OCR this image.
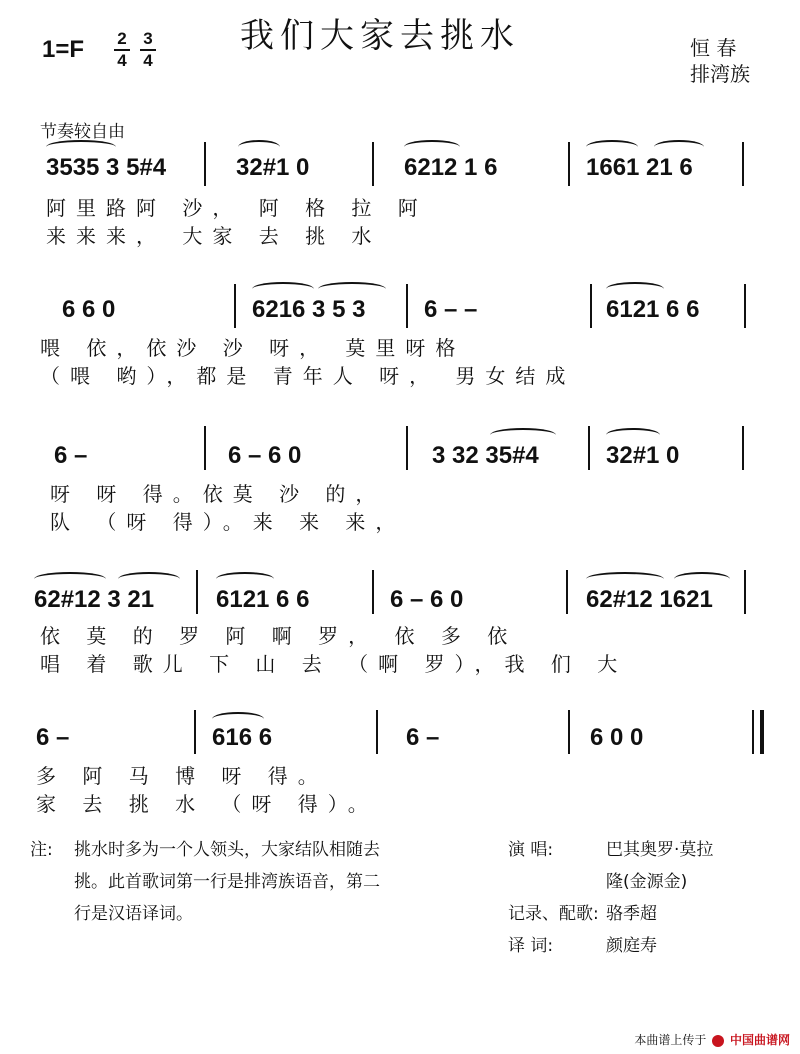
我们大家去挑水
1=F 2
4
3
4
恒 春
排湾族
节奏较自由
3535 3 5#4	32#1 0	6212 1 6	1661 21 6
阿里路阿 沙， 阿 格 拉 阿
来来来， 大家 去 挑 水
6 6 0	6216 3 5 3 6 – –	6121 6 6
喂 依，依沙 沙 呀， 莫里呀格
（喂 哟），都是 青年人 呀， 男女结成
6 –	6 – 6 0	3 32 35#4	32#1 0
呀 呀 得。依莫 沙 的，
队 （呀 得）。来 来 来，
62#12 3 21	6121 6 6	6 – 6 0	62#12 1621
依 莫 的 罗 阿 啊 罗， 依 多 依
唱 着 歌儿 下 山 去 （啊 罗），我 们 大
6 –	616 6	6 –	6 0 0
多 阿 马 博 呀 得。
家 去 挑 水 （呀 得）。
注: 挑水时多为一个人领头，大家结队相随去
挑。此首歌词第一行是排湾族语音，第二
行是汉语译词。
演 唱:	巴其奥罗·莫拉
隆(金源金)
记录、配歌: 骆季超
译 词:	颜庭寿
本曲谱上传于 中国曲谱网
